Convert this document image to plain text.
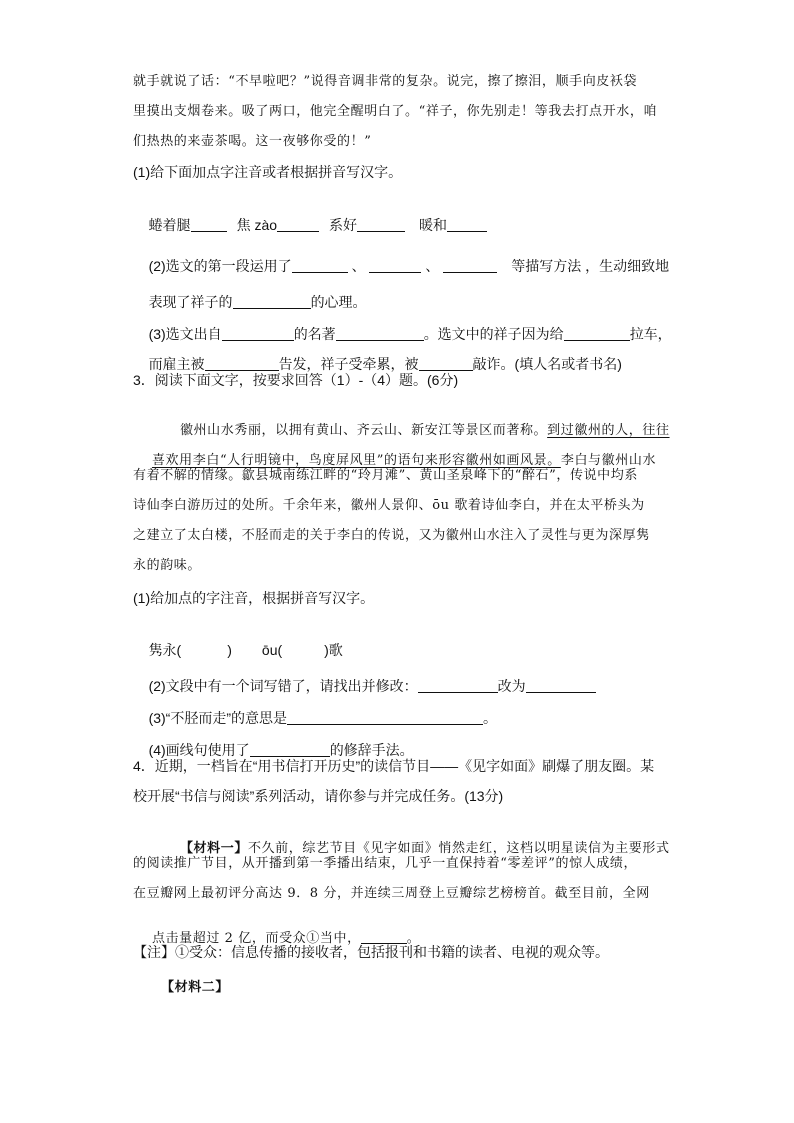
就手就说了话：“不早啦吧？”说得音调非常的复杂。说完，擦了擦泪，顺手向皮袄袋
里摸出支烟卷来。吸了两口，他完全醒明白了。“祥子，你先别走！等我去打点开水，咱
们热热的来壶茶喝。这一夜够你受的！”
(1)给下面加点字注音或者根据拼音写汉字。

蜷着腿	焦 zào	系好	暖和

(2)选文的第一段运用了	、	、	等描写方法 ，生动细致地

表现了祥子的	的心理。

(3)选文出自	的名著	。选文中的祥子因为给	拉车，

而雇主被	告发，祥子受牵累，被	敲诈。(填人名或者书名)

3．阅读下面文字，按要求回答（1）-（4）题。(6分)

徽州山水秀丽，以拥有黄山、齐云山、新安江等景区而著称。到过徽州的人，往往

喜欢用李白“人行明镜中，鸟度屏风里”的语句来形容徽州如画风景。李白与徽州山水

有着不解的情缘。歙县城南练江畔的“玲月滩”、黄山圣泉峰下的“醉石”，传说中均系
诗仙李白游历过的处所。千余年来，徽州人景仰、ōu 歌着诗仙李白，并在太平桥头为
之建立了太白楼，不胫而走的关于李白的传说，又为徽州山水注入了灵性与更为深厚隽
永的韵味。
(1)给加点的字注音，根据拼音写汉字。

隽永(	) ōu(	)歌

(2)文段中有一个词写错了，请找出并修改：	改为

(3)“不胫而走”的意思是	。

(4)画线句使用了	的修辞手法。

4．近期，一档旨在“用书信打开历史”的读信节目——《见字如面》刷爆了朋友圈。某
校开展“书信与阅读”系列活动，请你参与并完成任务。(13分)

【材料一】不久前，综艺节目《见字如面》悄然走红，这档以明星读信为主要形式

的阅读推广节目，从开播到第一季播出结束，几乎一直保持着“零差评”的惊人成绩，
在豆瓣网上最初评分高达 9．8 分，并连续三周登上豆瓣综艺榜榜首。截至目前，全网

点击量超过 2 亿，而受众①当中，	。

【注】①受众：信息传播的接收者，包括报刊和书籍的读者、电视的观众等。
【材料二】
